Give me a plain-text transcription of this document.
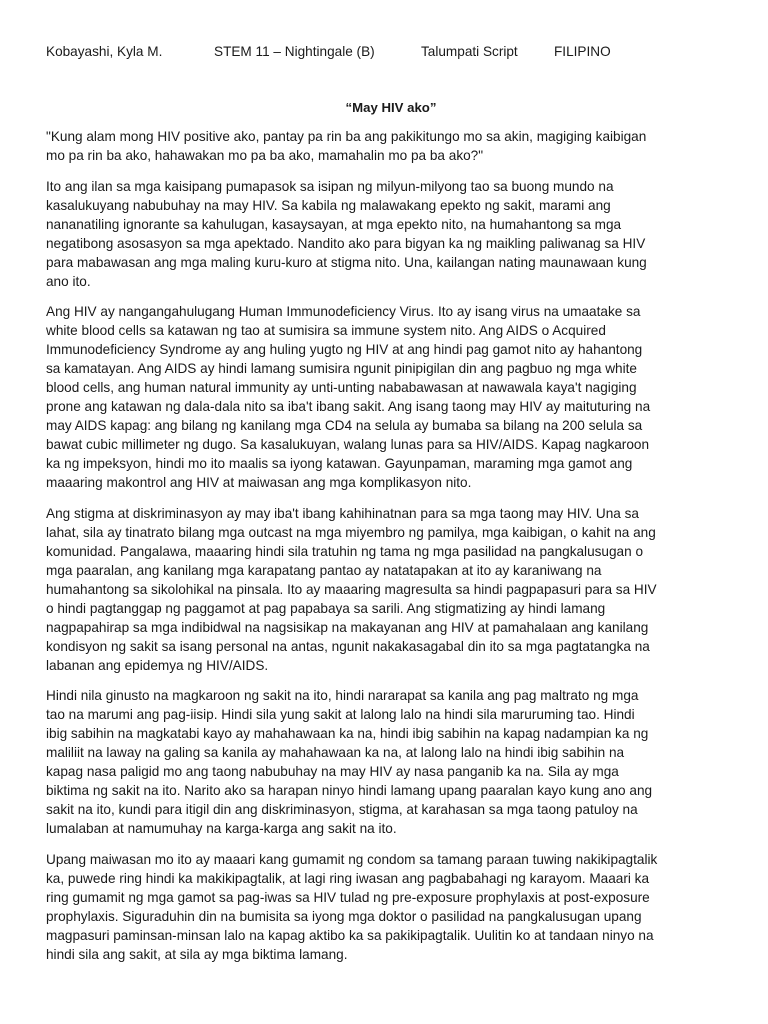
Kobayashi, Kyla M.	STEM 11 – Nightingale (B)	Talumpati Script	FILIPINO
“May HIV ako”

"Kung alam mong HIV positive ako, pantay pa rin ba ang pakikitungo mo sa akin, magiging kaibigan
mo pa rin ba ako, hahawakan mo pa ba ako, mamahalin mo pa ba ako?"

Ito ang ilan sa mga kaisipang pumapasok sa isipan ng milyun-milyong tao sa buong mundo na
kasalukuyang nabubuhay na may HIV. Sa kabila ng malawakang epekto ng sakit, marami ang
nananatiling ignorante sa kahulugan, kasaysayan, at mga epekto nito, na humahantong sa mga
negatibong asosasyon sa mga apektado. Nandito ako para bigyan ka ng maikling paliwanag sa HIV
para mabawasan ang mga maling kuru-kuro at stigma nito. Una, kailangan nating maunawaan kung
ano ito.

Ang HIV ay nangangahulugang Human Immunodeficiency Virus. Ito ay isang virus na umaatake sa
white blood cells sa katawan ng tao at sumisira sa immune system nito. Ang AIDS o Acquired
Immunodeficiency Syndrome ay ang huling yugto ng HIV at ang hindi pag gamot nito ay hahantong
sa kamatayan. Ang AIDS ay hindi lamang sumisira ngunit pinipigilan din ang pagbuo ng mga white
blood cells, ang human natural immunity ay unti-unting nababawasan at nawawala kaya't nagiging
prone ang katawan ng dala-dala nito sa iba't ibang sakit. Ang isang taong may HIV ay maituturing na
may AIDS kapag: ang bilang ng kanilang mga CD4 na selula ay bumaba sa bilang na 200 selula sa
bawat cubic millimeter ng dugo. Sa kasalukuyan, walang lunas para sa HIV/AIDS. Kapag nagkaroon
ka ng impeksyon, hindi mo ito maalis sa iyong katawan. Gayunpaman, maraming mga gamot ang
maaaring makontrol ang HIV at maiwasan ang mga komplikasyon nito.

Ang stigma at diskriminasyon ay may iba't ibang kahihinatnan para sa mga taong may HIV. Una sa
lahat, sila ay tinatrato bilang mga outcast na mga miyembro ng pamilya, mga kaibigan, o kahit na ang
komunidad. Pangalawa, maaaring hindi sila tratuhin ng tama ng mga pasilidad na pangkalusugan o
mga paaralan, ang kanilang mga karapatang pantao ay natatapakan at ito ay karaniwang na
humahantong sa sikolohikal na pinsala. Ito ay maaaring magresulta sa hindi pagpapasuri para sa HIV
o hindi pagtanggap ng paggamot at pag papabaya sa sarili. Ang stigmatizing ay hindi lamang
nagpapahirap sa mga indibidwal na nagsisikap na makayanan ang HIV at pamahalaan ang kanilang
kondisyon ng sakit sa isang personal na antas, ngunit nakakasagabal din ito sa mga pagtatangka na
labanan ang epidemya ng HIV/AIDS.

Hindi nila ginusto na magkaroon ng sakit na ito, hindi nararapat sa kanila ang pag maltrato ng mga
tao na marumi ang pag-iisip. Hindi sila yung sakit at lalong lalo na hindi sila maruruming tao. Hindi
ibig sabihin na magkatabi kayo ay mahahawaan ka na, hindi ibig sabihin na kapag nadampian ka ng
maliliit na laway na galing sa kanila ay mahahawaan ka na, at lalong lalo na hindi ibig sabihin na
kapag nasa paligid mo ang taong nabubuhay na may HIV ay nasa panganib ka na. Sila ay mga
biktima ng sakit na ito. Narito ako sa harapan ninyo hindi lamang upang paaralan kayo kung ano ang
sakit na ito, kundi para itigil din ang diskriminasyon, stigma, at karahasan sa mga taong patuloy na
lumalaban at namumuhay na karga-karga ang sakit na ito.

Upang maiwasan mo ito ay maaari kang gumamit ng condom sa tamang paraan tuwing nakikipagtalik
ka, puwede ring hindi ka makikipagtalik, at lagi ring iwasan ang pagbabahagi ng karayom. Maaari ka
ring gumamit ng mga gamot sa pag-iwas sa HIV tulad ng pre-exposure prophylaxis at post-exposure
prophylaxis. Siguraduhin din na bumisita sa iyong mga doktor o pasilidad na pangkalusugan upang
magpasuri paminsan-minsan lalo na kapag aktibo ka sa pakikipagtalik. Uulitin ko at tandaan ninyo na
hindi sila ang sakit, at sila ay mga biktima lamang.
